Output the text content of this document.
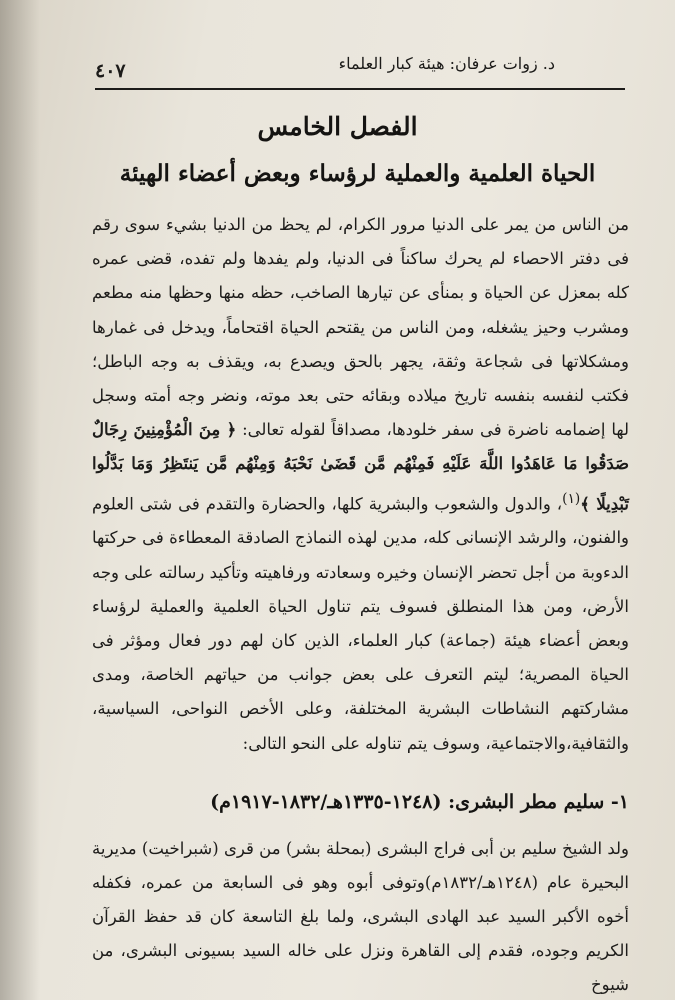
د. زوات عرفان: هيئة كبار العلماء
٤٠٧
الفصل الخامس
الحياة العلمية والعملية لرؤساء وبعض أعضاء الهيئة

من الناس من يمر على الدنيا مرور الكرام، لم يحظ من الدنيا بشيء سوى رقم فى دفتر الاحصاء لم يحرك ساكناً فى الدنيا، ولم يفدها ولم تفده، قضى عمره كله بمعزل عن الحياة و بمنأى عن تيارها الصاخب، حظه منها وحظها منه مطعم ومشرب وحيز يشغله، ومن الناس من يقتحم الحياة اقتحاماً، ويدخل فى غمارها ومشكلاتها فى شجاعة وثقة، يجهر بالحق ويصدع به، ويقذف به وجه الباطل؛ فكتب لنفسه بنفسه تاريخ ميلاده وبقائه حتى بعد موته، ونضر وجه أمته وسجل لها إضمامه ناضرة فى سفر خلودها، مصداقاً لقوله تعالى: ﴿ مِنَ الْمُؤْمِنِينَ رِجَالٌ صَدَقُوا مَا عَاهَدُوا اللَّهَ عَلَيْهِ فَمِنْهُم مَّن قَضَىٰ نَحْبَهُ وَمِنْهُم مَّن يَنتَظِرُ وَمَا بَدَّلُوا تَبْدِيلًا ﴾$^{(١)}$، والدول والشعوب والبشرية كلها، والحضارة والتقدم فى شتى العلوم والفنون، والرشد الإنسانى كله، مدين لهذه النماذج الصادقة المعطاءة فى حركتها الدءوبة من أجل تحضر الإنسان وخيره وسعادته ورفاهيته وتأكيد رسالته على وجه الأرض، ومن هذا المنطلق فسوف يتم تناول الحياة العلمية والعملية لرؤساء وبعض أعضاء هيئة (جماعة) كبار العلماء، الذين كان لهم دور فعال ومؤثر فى الحياة المصرية؛ ليتم التعرف على بعض جوانب من حياتهم الخاصة، ومدى مشاركتهم النشاطات البشرية المختلفة، وعلى الأخص النواحى، السياسية، والثقافية،والاجتماعية، وسوف يتم تناوله على النحو التالى:

١- سليم مطر البشرى: (١٢٤٨-١٣٣٥هـ/١٨٣٢-١٩١٧م)

ولد الشيخ سليم بن أبى فراج البشرى (بمحلة بشر) من قرى (شبراخيت) مديرية البحيرة عام (١٢٤٨هـ/١٨٣٢م)وتوفى أبوه وهو فى السابعة من عمره، فكفله أخوه الأكبر السيد عبد الهادى البشرى، ولما بلغ التاسعة كان قد حفظ القرآن الكريم وجوده، فقدم إلى القاهرة ونزل على خاله السيد بسيونى البشرى، من شيوخ
